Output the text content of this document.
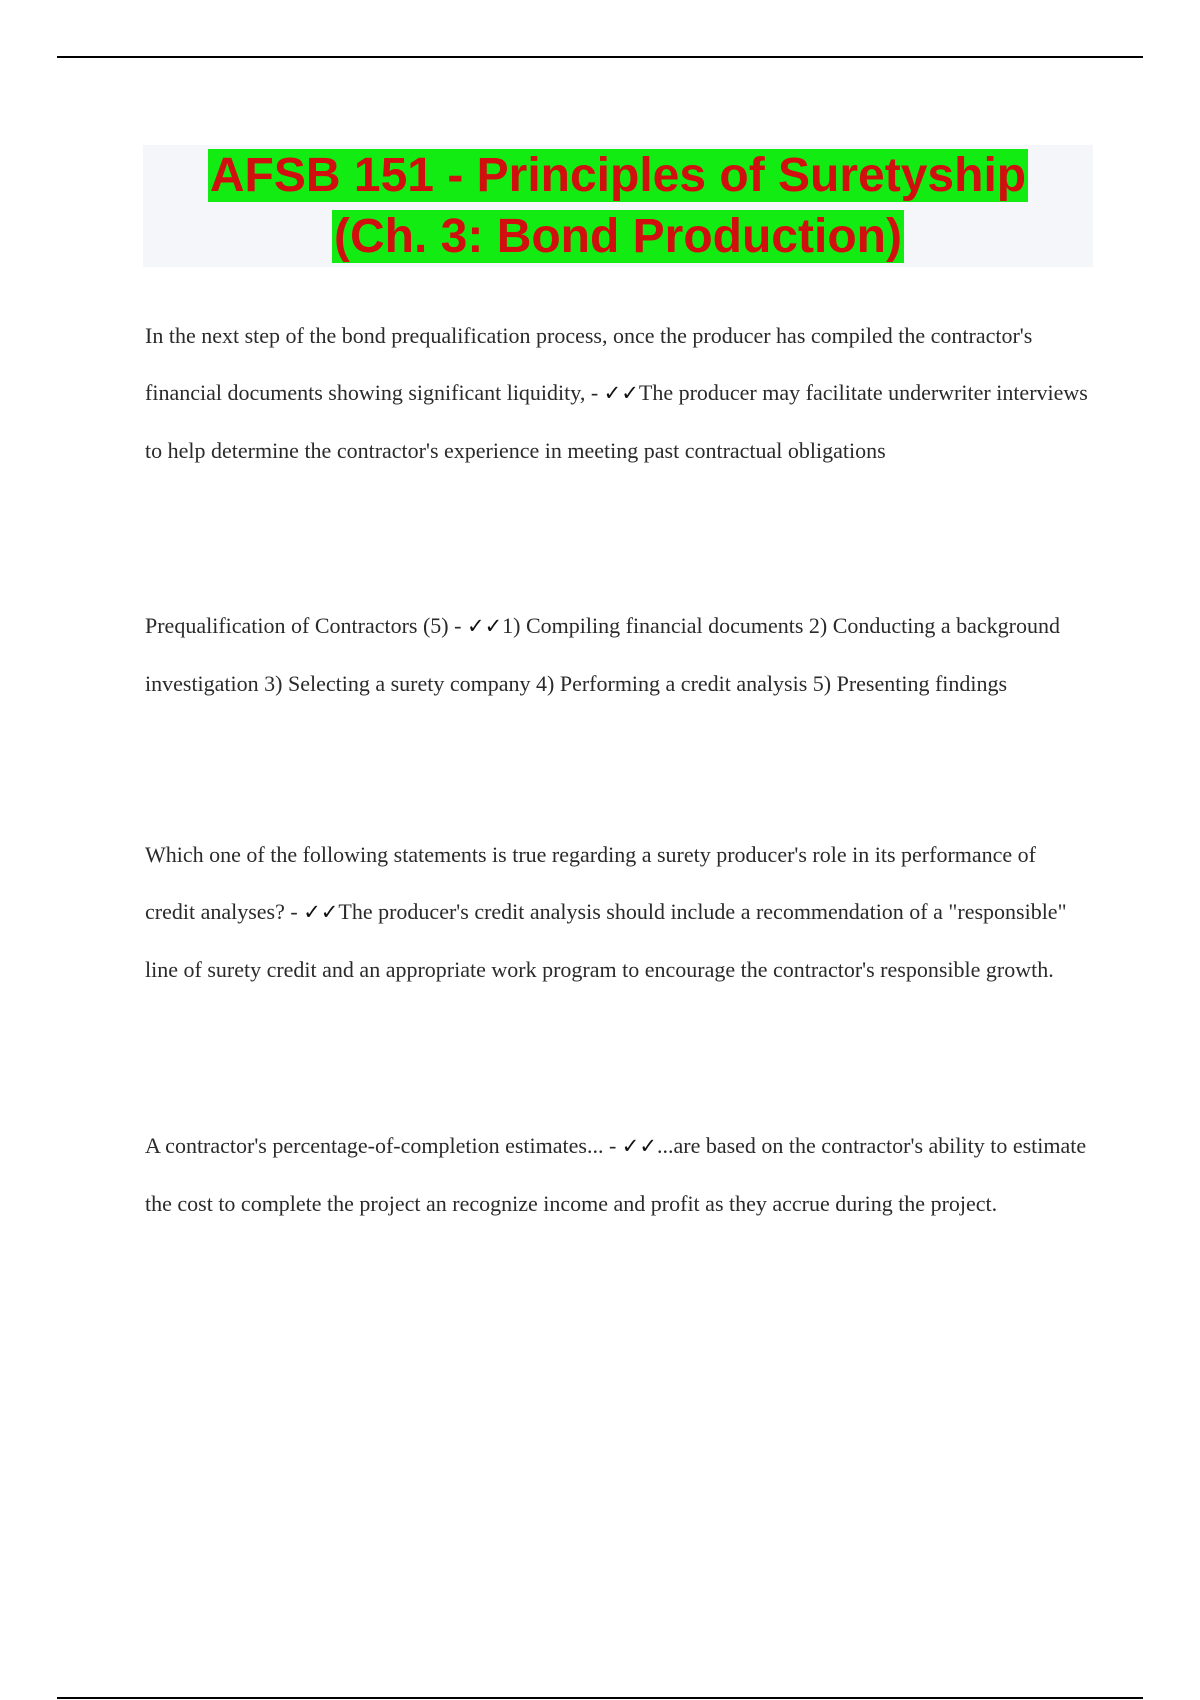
AFSB 151 - Principles of Suretyship
(Ch. 3: Bond Production)
In the next step of the bond prequalification process, once the producer has compiled the contractor's financial documents showing significant liquidity, - ✓✓The producer may facilitate underwriter interviews to help determine the contractor's experience in meeting past contractual obligations
Prequalification of Contractors (5) - ✓✓1) Compiling financial documents 2) Conducting a background investigation 3) Selecting a surety company 4) Performing a credit analysis 5) Presenting findings
Which one of the following statements is true regarding a surety producer's role in its performance of credit analyses? - ✓✓The producer's credit analysis should include a recommendation of a "responsible" line of surety credit and an appropriate work program to encourage the contractor's responsible growth.
A contractor's percentage-of-completion estimates... - ✓✓...are based on the contractor's ability to estimate the cost to complete the project an recognize income and profit as they accrue during the project.
